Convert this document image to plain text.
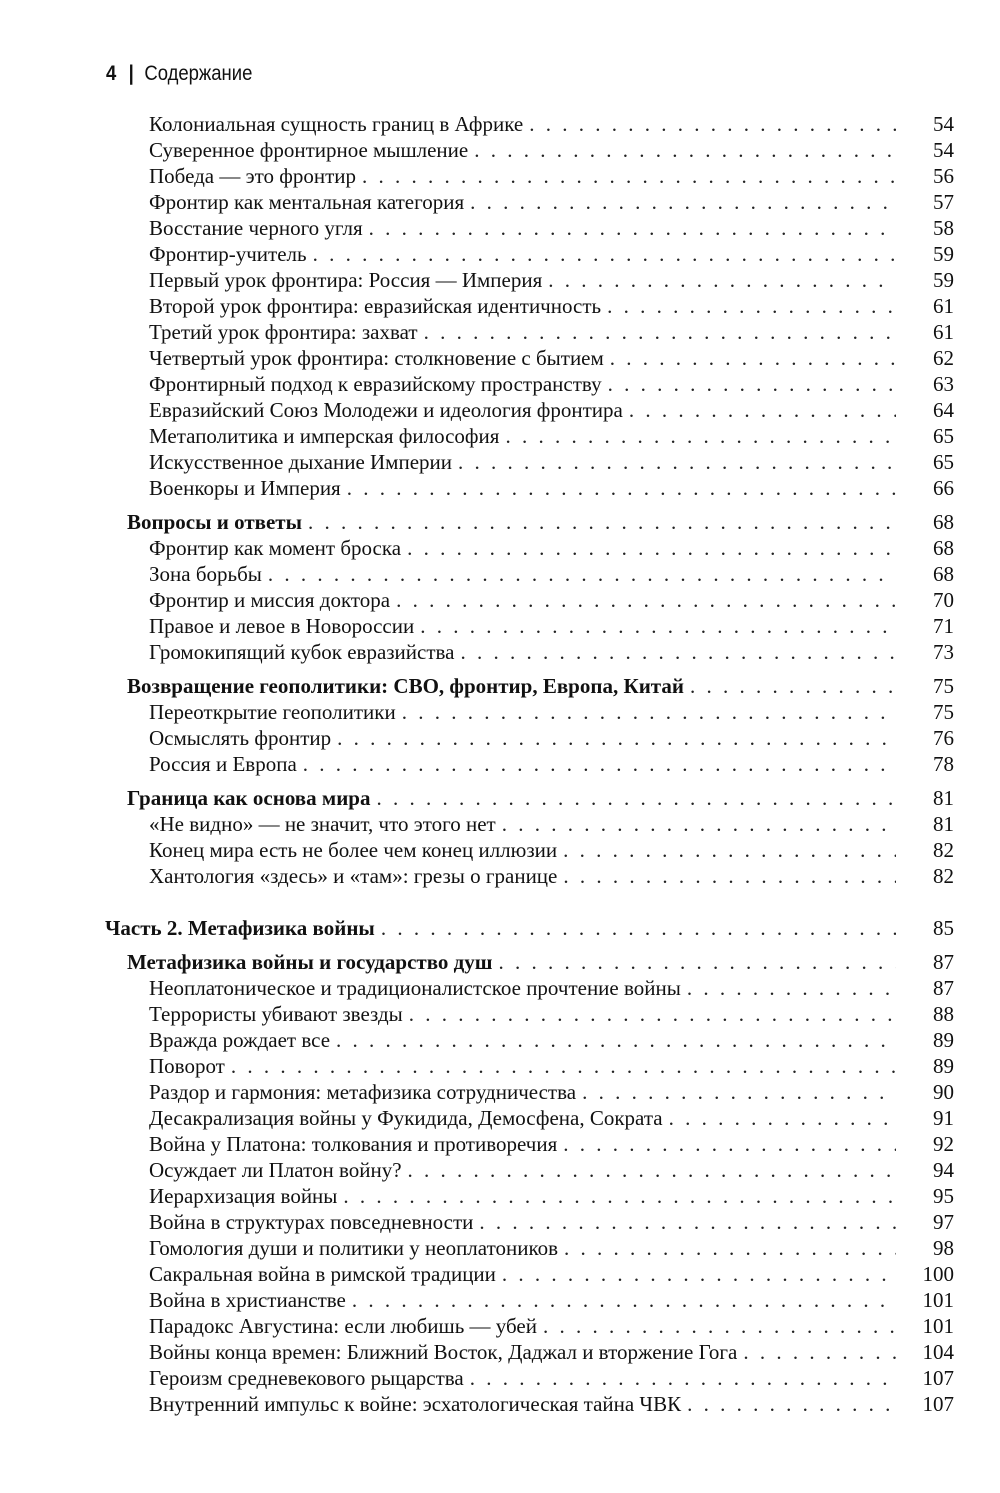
4 | Содержание
Колониальная сущность границ в Африке . . .	54
Суверенное фронтирное мышление . . .	54
Победа — это фронтир . . .	56
Фронтир как ментальная категория . . .	57
Восстание черного угля . . .	58
Фронтир-учитель . . .	59
Первый урок фронтира: Россия — Империя . . .	59
Второй урок фронтира: евразийская идентичность . . .	61
Третий урок фронтира: захват . . .	61
Четвертый урок фронтира: столкновение с бытием . . .	62
Фронтирный подход к евразийскому пространству . . .	63
Евразийский Союз Молодежи и идеология фронтира . . .	64
Метаполитика и имперская философия . . .	65
Искусственное дыхание Империи . . .	65
Военкоры и Империя . . .	66
Вопросы и ответы . . .	68
Фронтир как момент броска . . .	68
Зона борьбы . . .	68
Фронтир и миссия доктора . . .	70
Правое и левое в Новороссии . . .	71
Громокипящий кубок евразийства . . .	73
Возвращение геополитики: СВО, фронтир, Европа, Китай . . .	75
Переоткрытие геополитики . . .	75
Осмыслять фронтир . . .	76
Россия и Европа . . .	78
Граница как основа мира . . .	81
«Не видно» — не значит, что этого нет . . .	81
Конец мира есть не более чем конец иллюзии . . .	82
Хантология «здесь» и «там»: грезы о границе . . .	82
Часть 2. Метафизика войны . . .	85
Метафизика войны и государство душ . . .	87
Неоплатоническое и традиционалистское прочтение войны . . .	87
Террористы убивают звезды . . .	88
Вражда рождает все . . .	89
Поворот . . .	89
Раздор и гармония: метафизика сотрудничества . . .	90
Десакрализация войны у Фукидида, Демосфена, Сократа . . .	91
Война у Платона: толкования и противоречия . . .	92
Осуждает ли Платон войну? . . .	94
Иерархизация войны . . .	95
Война в структурах повседневности . . .	97
Гомология души и политики у неоплатоников . . .	98
Сакральная война в римской традиции . . .	100
Война в христианстве . . .	101
Парадокс Августина: если любишь — убей . . .	101
Войны конца времен: Ближний Восток, Даджал и вторжение Гога . . .	104
Героизм средневекового рыцарства . . .	107
Внутренний импульс к войне: эсхатологическая тайна ЧВК . . .	107
